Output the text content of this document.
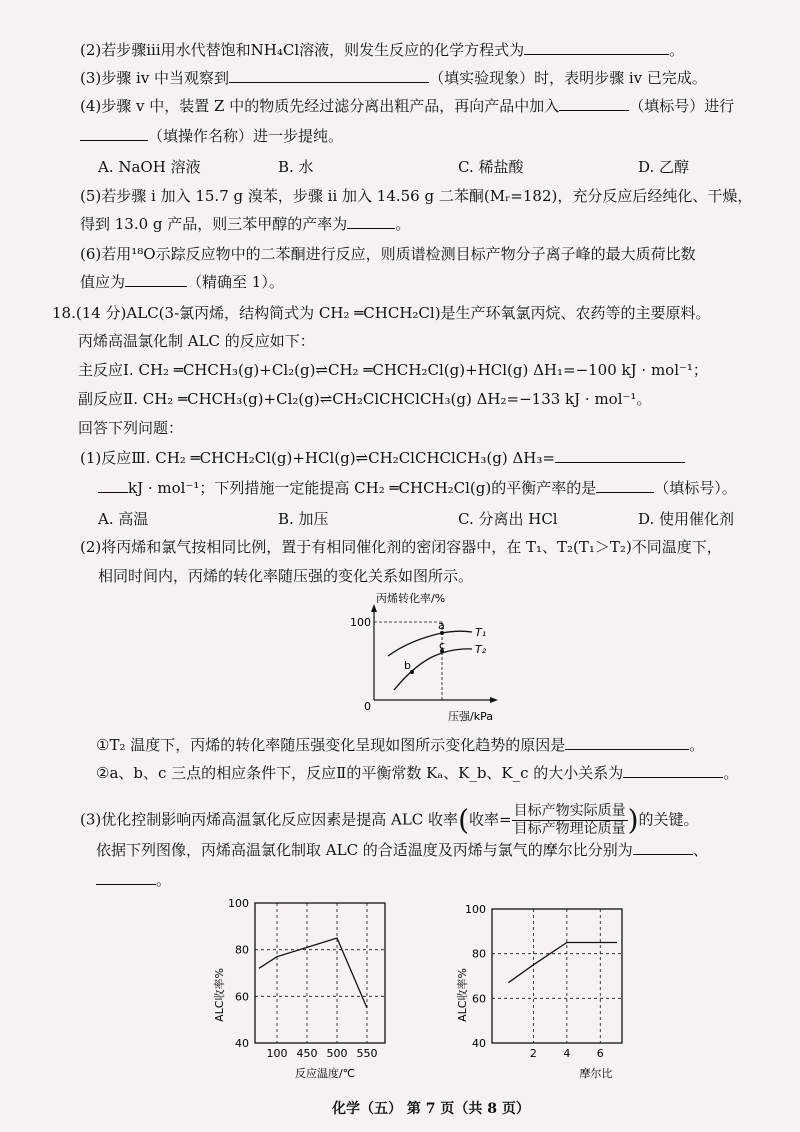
(2)若步骤iii用水代替饱和NH₄Cl溶液，则发生反应的化学方程式为	。
(3)步骤 iv 中当观察到	（填实验现象）时，表明步骤 iv 已完成。
(4)步骤 v 中，装置 Z 中的物质先经过滤分离出粗产品，再向产品中加入	（填标号）进行
（填操作名称）进一步提纯。
A. NaOH 溶液	B. 水	C. 稀盐酸	D. 乙醇
(5)若步骤 i 加入 15.7 g 溴苯，步骤 ii 加入 14.56 g 二苯酮(Mᵣ=182)，充分反应后经纯化、干燥，
得到 13.0 g 产品，则三苯甲醇的产率为	。
(6)若用¹⁸O示踪反应物中的二苯酮进行反应，则质谱检测目标产物分子离子峰的最大质荷比数
值应为	（精确至 1）。
18.(14 分)ALC(3-氯丙烯，结构简式为 CH₂ ═CHCH₂Cl)是生产环氧氯丙烷、农药等的主要原料。
丙烯高温氯化制 ALC 的反应如下：
主反应Ⅰ. CH₂ ═CHCH₃(g)+Cl₂(g)⇌CH₂ ═CHCH₂Cl(g)+HCl(g) ΔH₁=−100 kJ · mol⁻¹；
副反应Ⅱ. CH₂ ═CHCH₃(g)+Cl₂(g)⇌CH₂ClCHClCH₃(g) ΔH₂=−133 kJ · mol⁻¹。
回答下列问题：
(1)反应Ⅲ. CH₂ ═CHCH₂Cl(g)+HCl(g)⇌CH₂ClCHClCH₃(g) ΔH₃=
kJ · mol⁻¹；下列措施一定能提高 CH₂ ═CHCH₂Cl(g)的平衡产率的是	（填标号）。
A. 高温	B. 加压	C. 分离出 HCl	D. 使用催化剂
(2)将丙烯和氯气按相同比例，置于有相同催化剂的密闭容器中，在 T₁、T₂(T₁＞T₂)不同温度下，
相同时间内，丙烯的转化率随压强的变化关系如图所示。
丙烯转化率/%
100
0
a
b
c
T₁
T₂
压强/kPa
①T₂ 温度下，丙烯的转化率随压强变化呈现如图所示变化趋势的原因是	。
②a、b、c 三点的相应条件下，反应Ⅱ的平衡常数 Kₐ、K_b、K_c 的大小关系为	。
(3)优化控制影响丙烯高温氯化反应因素是提高 ALC 收率(收率= $\frac{\text{目标产物实际质量}}{\text{目标产物理论质量}}$ )的关键。
依据下列图像，丙烯高温氯化制取 ALC 的合适温度及丙烯与氯气的摩尔比分别为	、
。
ALC收率%
100
80
60
40
100 450 500 550
反应温度/℃
ALC收率%
100
80
60
40
2 4 6
摩尔比
化学（五） 第 7 页（共 8 页）
